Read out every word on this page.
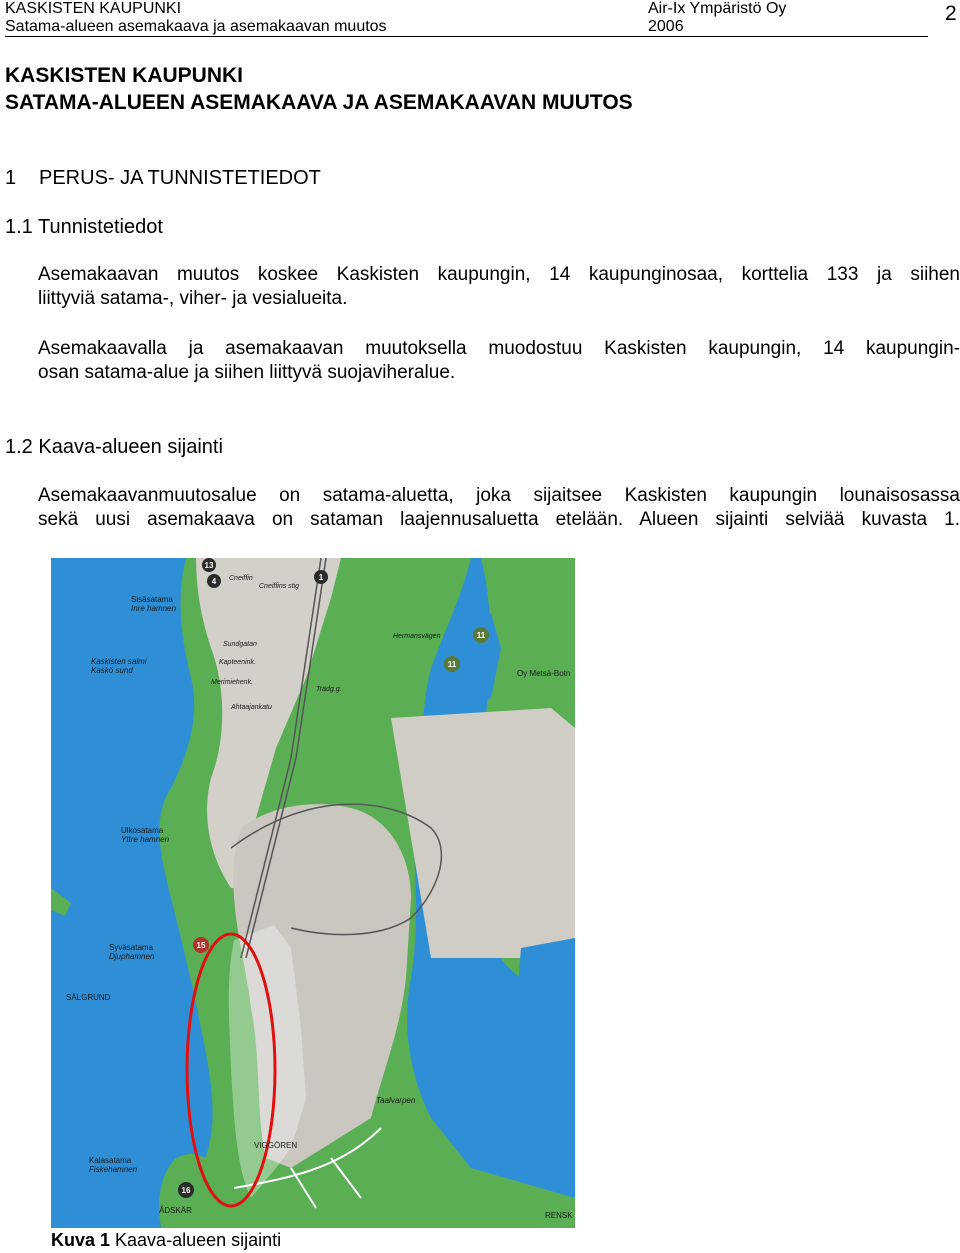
KASKISTEN KAUPUNKI
Satama-alueen asemakaava ja asemakaavan muutos
Air-Ix Ympäristö Oy
2006
2
KASKISTEN KAUPUNKI
SATAMA-ALUEEN ASEMAKAAVA JA ASEMAKAAVAN MUUTOS
1 PERUS- JA TUNNISTETIEDOT
1.1 Tunnistetiedot
Asemakaavan muutos koskee Kaskisten kaupungin, 14 kaupunginosaa, korttelia 133 ja siihen
liittyviä satama-, viher- ja vesialueita.
Asemakaavalla ja asemakaavan muutoksella muodostuu Kaskisten kaupungin, 14 kaupungin-
osan satama-alue ja siihen liittyvä suojaviheralue.
1.2 Kaava-alueen sijainti
Asemakaavanmuutosalue on satama-aluetta, joka sijaitsee Kaskisten kaupungin lounaisosassa
sekä uusi asemakaava on sataman laajennusaluetta etelään. Alueen sijainti selviää kuvasta 1.
Sisäsatama
Inre hamnen
Kaskisten salmi
Kaskö sund
Ulkosatama
Yttre hamnen
Syväsatama
Djuphamnen
SÄLGRUND
Kalasatama
Fiskehamnen
ÅDSKÄR
VIGGÖREN
Taalvarpen
Oy Metsä-Botn
RENSK
Cneiffin
Cneiffins stig
Sundgatan
Kapteenink.
Merimiehenk.
Ahtaajankatu
Trädg.g.
Hermansvägen
13
4	1
11
11
15
16
Kuva 1 Kaava-alueen sijainti
